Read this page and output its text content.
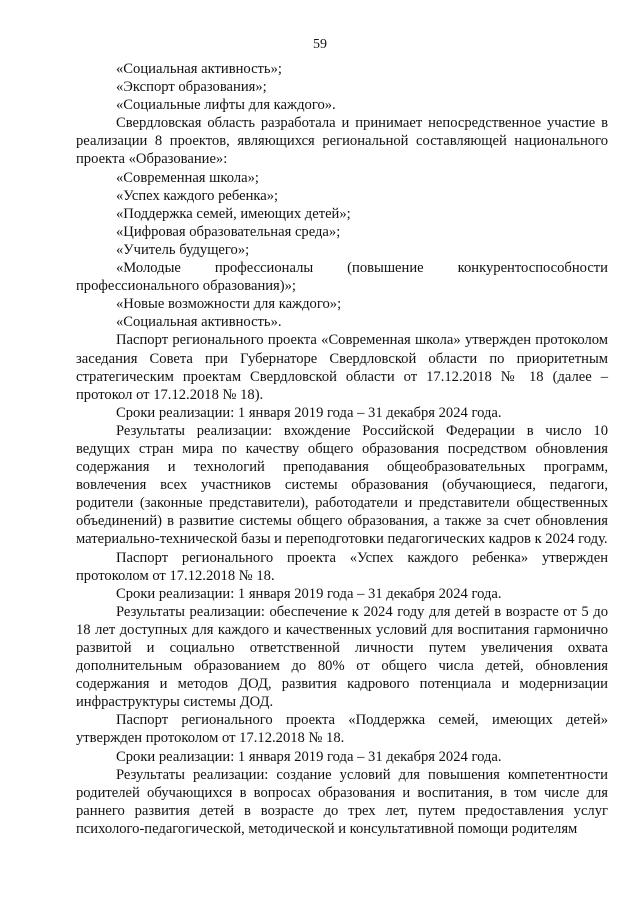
59

«Социальная активность»;

«Экспорт образования»;

«Социальные лифты для каждого».

Свердловская область разработала и принимает непосредственное участие в реализации 8 проектов, являющихся региональной составляющей национального проекта «Образование»:

«Современная школа»;

«Успех каждого ребенка»;

«Поддержка семей, имеющих детей»;

«Цифровая образовательная среда»;

«Учитель будущего»;

«Молодые профессионалы (повышение конкурентоспособности профессионального образования)»;

«Новые возможности для каждого»;

«Социальная активность».

Паспорт регионального проекта «Современная школа» утвержден протоколом заседания Совета при Губернаторе Свердловской области по приоритетным стратегическим проектам Свердловской области от 17.12.2018 № 18 (далее – протокол от 17.12.2018 № 18).

Сроки реализации: 1 января 2019 года – 31 декабря 2024 года.

Результаты реализации: вхождение Российской Федерации в число 10 ведущих стран мира по качеству общего образования посредством обновления содержания и технологий преподавания общеобразовательных программ, вовлечения всех участников системы образования (обучающиеся, педагоги, родители (законные представители), работодатели и представители общественных объединений) в развитие системы общего образования, а также за счет обновления материально-технической базы и переподготовки педагогических кадров к 2024 году.

Паспорт регионального проекта «Успех каждого ребенка» утвержден протоколом от 17.12.2018 № 18.

Сроки реализации: 1 января 2019 года – 31 декабря 2024 года.

Результаты реализации: обеспечение к 2024 году для детей в возрасте от 5 до 18 лет доступных для каждого и качественных условий для воспитания гармонично развитой и социально ответственной личности путем увеличения охвата дополнительным образованием до 80% от общего числа детей, обновления содержания и методов ДОД, развития кадрового потенциала и модернизации инфраструктуры системы ДОД.

Паспорт регионального проекта «Поддержка семей, имеющих детей» утвержден протоколом от 17.12.2018 № 18.

Сроки реализации: 1 января 2019 года – 31 декабря 2024 года.

Результаты реализации: создание условий для повышения компетентности родителей обучающихся в вопросах образования и воспитания, в том числе для раннего развития детей в возрасте до трех лет, путем предоставления услуг психолого-педагогической, методической и консультативной помощи родителям
